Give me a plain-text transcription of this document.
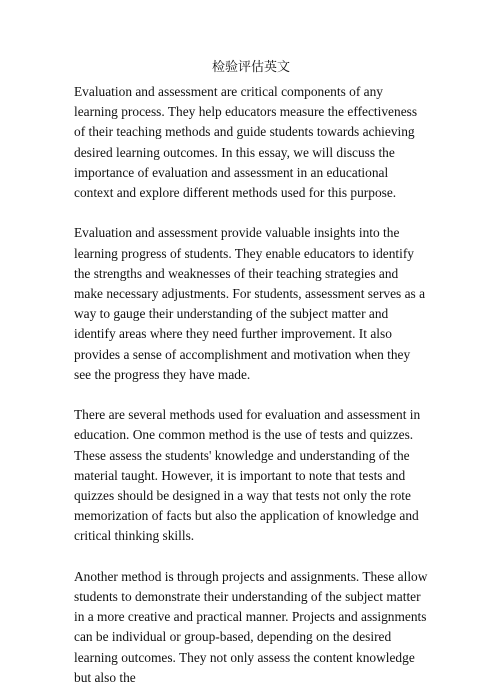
检验评估英文

Evaluation and assessment are critical components of any learning process. They help educators measure the effectiveness of their teaching methods and guide students towards achieving desired learning outcomes. In this essay, we will discuss the importance of evaluation and assessment in an educational context and explore different methods used for this purpose.

Evaluation and assessment provide valuable insights into the learning progress of students. They enable educators to identify the strengths and weaknesses of their teaching strategies and make necessary adjustments. For students, assessment serves as a way to gauge their understanding of the subject matter and identify areas where they need further improvement. It also provides a sense of accomplishment and motivation when they see the progress they have made.

There are several methods used for evaluation and assessment in education. One common method is the use of tests and quizzes. These assess the students' knowledge and understanding of the material taught. However, it is important to note that tests and quizzes should be designed in a way that tests not only the rote memorization of facts but also the application of knowledge and critical thinking skills.

Another method is through projects and assignments. These allow students to demonstrate their understanding of the subject matter in a more creative and practical manner. Projects and assignments can be individual or group-based, depending on the desired learning outcomes. They not only assess the content knowledge but also the
